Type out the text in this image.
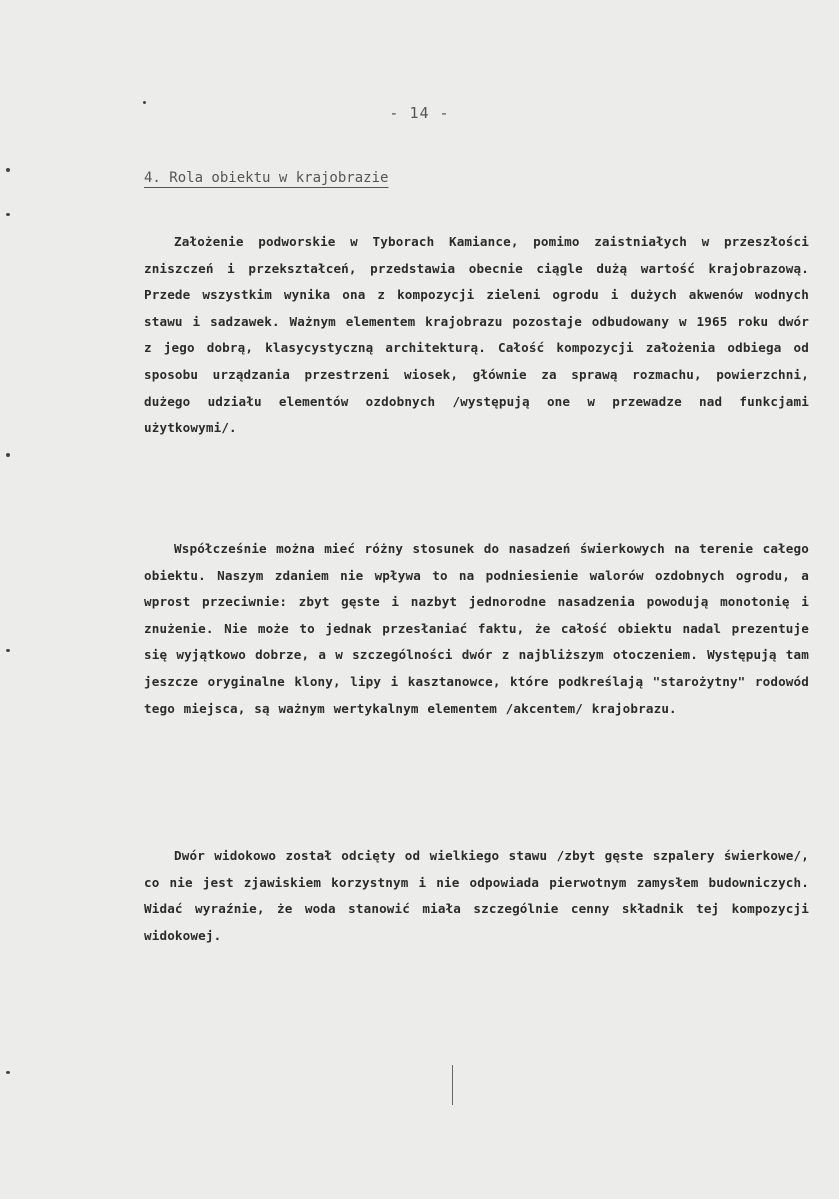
- 14 -
4. Rola obiektu w krajobrazie
Założenie podworskie w Tyborach Kamiance, pomimo zaistniałych w przeszłości zniszczeń i przekształceń, przedstawia obecnie ciągle dużą wartość krajobrazową. Przede wszystkim wynika ona z kompozycji zieleni ogrodu i dużych akwenów wodnych stawu i sadzawek. Ważnym elementem krajobrazu pozostaje odbudowany w 1965 roku dwór z jego dobrą, klasycystyczną architekturą. Całość kompozycji założenia odbiega od sposobu urządzania przestrzeni wiosek, głównie za sprawą rozmachu, powierzchni, dużego udziału elementów ozdobnych /występują one w przewadze nad funkcjami użytkowymi/.
Współcześnie można mieć różny stosunek do nasadzeń świerkowych na terenie całego obiektu. Naszym zdaniem nie wpływa to na podniesienie walorów ozdobnych ogrodu, a wprost przeciwnie: zbyt gęste i nazbyt jednorodne nasadzenia powodują monotonię i znużenie. Nie może to jednak przesłaniać faktu, że całość obiektu nadal prezentuje się wyjątkowo dobrze, a w szczególności dwór z najbliższym otoczeniem. Występują tam jeszcze oryginalne klony, lipy i kasztanowce, które podkreślają "starożytny" rodowód tego miejsca, są ważnym wertykalnym elementem /akcentem/ krajobrazu.
Dwór widokowo został odcięty od wielkiego stawu /zbyt gęste szpalery świerkowe/, co nie jest zjawiskiem korzystnym i nie odpowiada pierwotnym zamysłem budowniczych. Widać wyraźnie, że woda stanowić miała szczególnie cenny składnik tej kompozycji widokowej.
